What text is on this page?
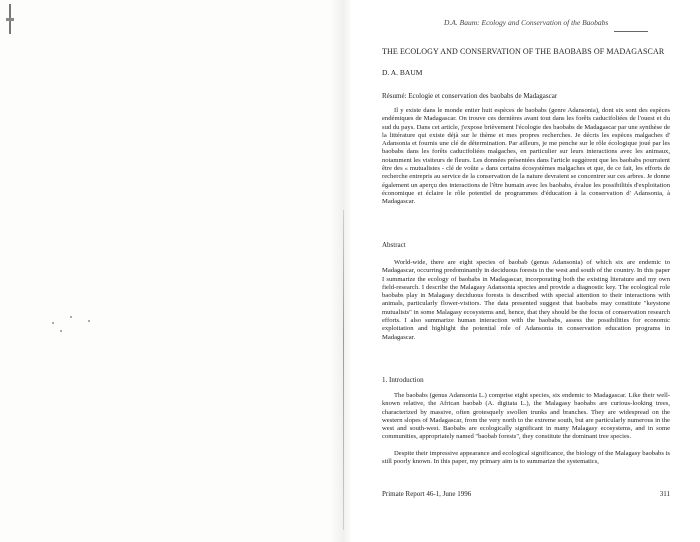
D.A. Baum: Ecology and Conservation of the Baobabs
THE ECOLOGY AND CONSERVATION OF THE BAOBABS OF MADAGASCAR
D. A. BAUM
Résumé: Ecologie et conservation des baobabs de Madagascar
Il y existe dans le monde entier huit espèces de baobabs (genre Adansonia), dont six sont des espèces endémiques de Madagascar. On trouve ces dernières avant tout dans les forêts caducifoliées de l'ouest et du sud du pays. Dans cet article, j'expose brièvement l'écologie des baobabs de Madagascar par une synthèse de la littérature qui existe déjà sur le thème et mes propres recherches. Je décris les espèces malgaches d' Adansonia et fournis une clé de détermination. Par ailleurs, je me penche sur le rôle écologique joué par les baobabs dans les forêts caducifoliées malgaches, en particulier sur leurs interactions avec les animaux, notamment les visiteurs de fleurs. Les données présentées dans l'article suggèrent que les baobabs pourraient être des « mutualistes - clé de voûte » dans certains écosystèmes malgaches et que, de ce fait, les efforts de recherche entrepris au service de la conservation de la nature devraient se concentrer sur ces arbres. Je donne également un aperçu des interactions de l'être humain avec les baobabs, évalue les possibilités d'exploitation économique et éclaire le rôle potentiel de programmes d'éducation à la conservation d' Adansonia, à Madagascar.
Abstract
World-wide, there are eight species of baobab (genus Adansonia) of which six are endemic to Madagascar, occurring predominantly in deciduous forests in the west and south of the country. In this paper I summarize the ecology of baobabs in Madagascar, incorporating both the existing literature and my own field-research. I describe the Malagasy Adansonia species and provide a diagnostic key. The ecological role baobabs play in Malagasy deciduous forests is described with special attention to their interactions with animals, particularly flower-visitors. The data presented suggest that baobabs may constitute "keystone mutualists" in some Malagasy ecosystems and, hence, that they should be the focus of conservation research efforts. I also summarize human interaction with the baobabs, assess the possibilities for economic exploitation and highlight the potential role of Adansonia in conservation education programs in Madagascar.
1. Introduction
The baobabs (genus Adansonia L.) comprise eight species, six endemic to Madagascar. Like their well-known relative, the African baobab (A. digitata L.), the Malagasy baobabs are curious-looking trees, characterized by massive, often grotesquely swollen trunks and branches. They are widespread on the western slopes of Madagascar, from the very north to the extreme south, but are particularly numerous in the west and south-west. Baobabs are ecologically significant in many Malagasy ecosystems, and in some communities, appropriately named "baobab forests", they constitute the dominant tree species.
Despite their impressive appearance and ecological significance, the biology of the Malagasy baobabs is still poorly known. In this paper, my primary aim is to summarize the systematics,
Primate Report 46-1, June 1996	311
